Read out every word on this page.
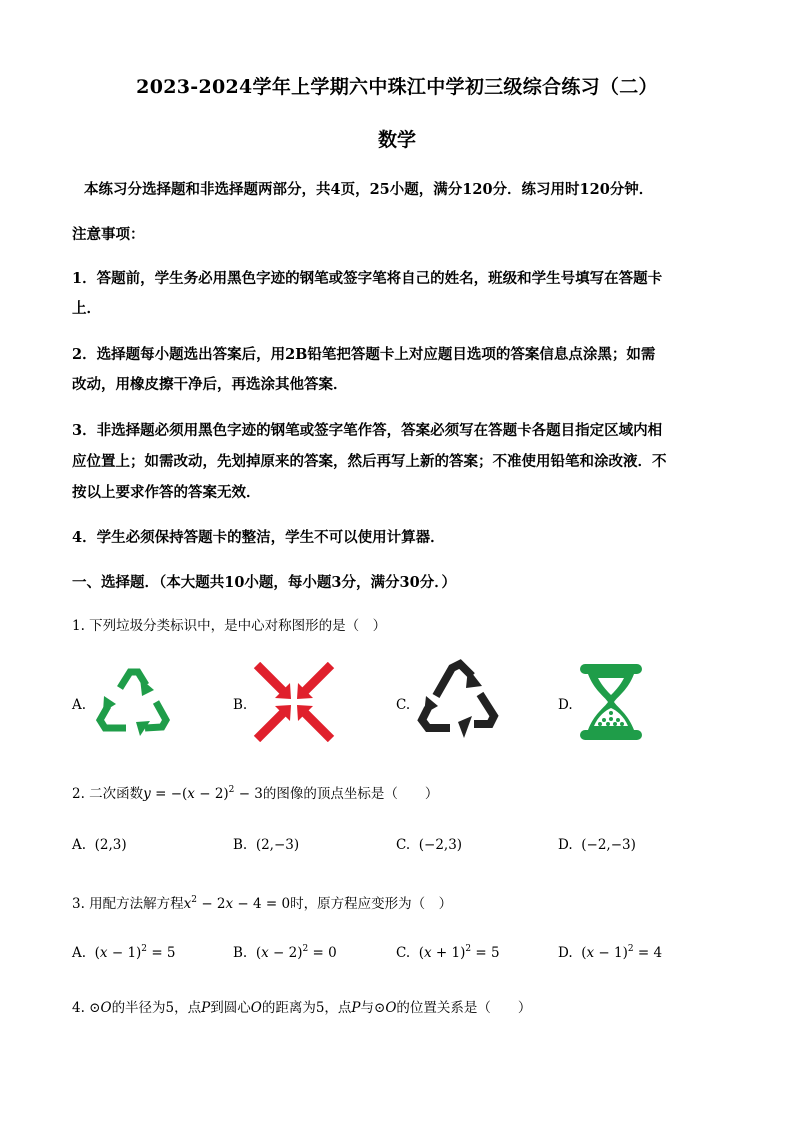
2023-2024学年上学期六中珠江中学初三级综合练习（二）
数学
本练习分选择题和非选择题两部分，共4页，25小题，满分120分．练习用时120分钟．
注意事项：
1．答题前，学生务必用黑色字迹的钢笔或签字笔将自己的姓名，班级和学生号填写在答题卡
上．
2．选择题每小题选出答案后，用2B铅笔把答题卡上对应题目选项的答案信息点涂黑；如需
改动，用橡皮擦干净后，再选涂其他答案．
3．非选择题必须用黑色字迹的钢笔或签字笔作答，答案必须写在答题卡各题目指定区域内相
应位置上；如需改动，先划掉原来的答案，然后再写上新的答案；不准使用铅笔和涂改液．不
按以上要求作答的答案无效．
4．学生必须保持答题卡的整洁，学生不可以使用计算器．
一、选择题．（本大题共10小题，每小题3分，满分30分．）
1. 下列垃圾分类标识中，是中心对称图形的是（　）
A.	B.	C.	D.
2. 二次函数$y = -(x - 2)^2 - 3$的图像的顶点坐标是（　　）
A. (2,3)	B. (2,−3)	C. (−2,3)	D. (−2,−3)
3. 用配方法解方程$x^2 - 2x - 4 = 0$时，原方程应变形为（　）
A. $(x - 1)^2 = 5$	B. $(x - 2)^2 = 0$	C. $(x + 1)^2 = 5$	D. $(x - 1)^2 = 4$
4. ⊙O的半径为5，点P到圆心O的距离为5，点P与⊙O的位置关系是（　　）
